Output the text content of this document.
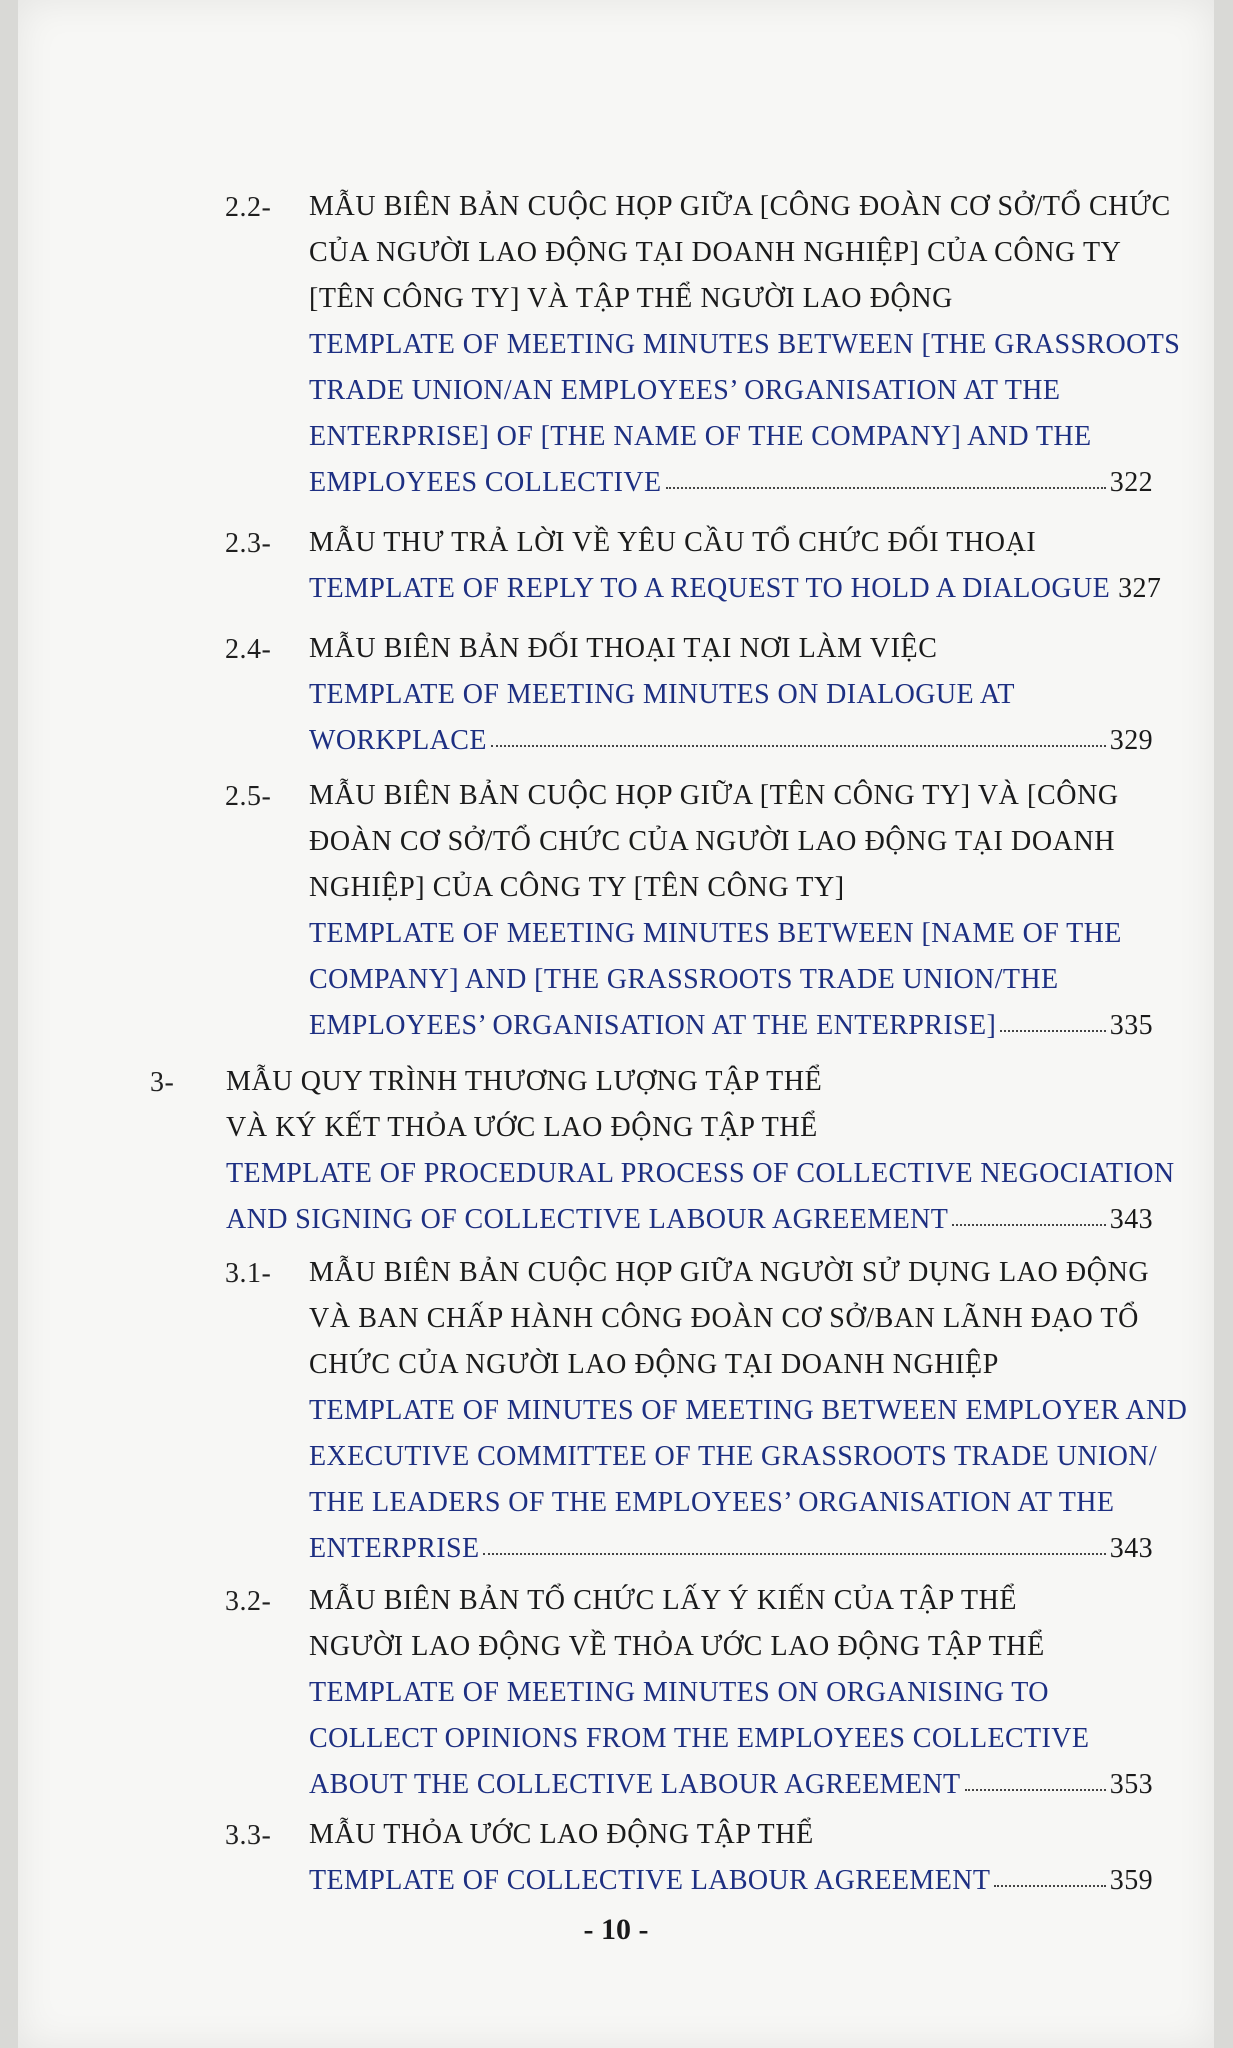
2.2- MẪU BIÊN BẢN CUỘC HỌP GIỮA [CÔNG ĐOÀN CƠ SỞ/TỔ CHỨC
CỦA NGƯỜI LAO ĐỘNG TẠI DOANH NGHIỆP] CỦA CÔNG TY
[TÊN CÔNG TY] VÀ TẬP THỂ NGƯỜI LAO ĐỘNG
TEMPLATE OF MEETING MINUTES BETWEEN [THE GRASSROOTS
TRADE UNION/AN EMPLOYEES’ ORGANISATION AT THE
ENTERPRISE] OF [THE NAME OF THE COMPANY] AND THE
EMPLOYEES COLLECTIVE	322
2.3- MẪU THƯ TRẢ LỜI VỀ YÊU CẦU TỔ CHỨC ĐỐI THOẠI
TEMPLATE OF REPLY TO A REQUEST TO HOLD A DIALOGUE 327
2.4- MẪU BIÊN BẢN ĐỐI THOẠI TẠI NƠI LÀM VIỆC
TEMPLATE OF MEETING MINUTES ON DIALOGUE AT
WORKPLACE	329
2.5- MẪU BIÊN BẢN CUỘC HỌP GIỮA [TÊN CÔNG TY] VÀ [CÔNG
ĐOÀN CƠ SỞ/TỔ CHỨC CỦA NGƯỜI LAO ĐỘNG TẠI DOANH
NGHIỆP] CỦA CÔNG TY [TÊN CÔNG TY]
TEMPLATE OF MEETING MINUTES BETWEEN [NAME OF THE
COMPANY] AND [THE GRASSROOTS TRADE UNION/THE
EMPLOYEES’ ORGANISATION AT THE ENTERPRISE]	335
3- MẪU QUY TRÌNH THƯƠNG LƯỢNG TẬP THỂ
VÀ KÝ KẾT THỎA ƯỚC LAO ĐỘNG TẬP THỂ
TEMPLATE OF PROCEDURAL PROCESS OF COLLECTIVE NEGOCIATION
AND SIGNING OF COLLECTIVE LABOUR AGREEMENT	343
3.1- MẪU BIÊN BẢN CUỘC HỌP GIỮA NGƯỜI SỬ DỤNG LAO ĐỘNG
VÀ BAN CHẤP HÀNH CÔNG ĐOÀN CƠ SỞ/BAN LÃNH ĐẠO TỔ
CHỨC CỦA NGƯỜI LAO ĐỘNG TẠI DOANH NGHIỆP
TEMPLATE OF MINUTES OF MEETING BETWEEN EMPLOYER AND
EXECUTIVE COMMITTEE OF THE GRASSROOTS TRADE UNION/
THE LEADERS OF THE EMPLOYEES’ ORGANISATION AT THE
ENTERPRISE	343
3.2- MẪU BIÊN BẢN TỔ CHỨC LẤY Ý KIẾN CỦA TẬP THỂ
NGƯỜI LAO ĐỘNG VỀ THỎA ƯỚC LAO ĐỘNG TẬP THỂ
TEMPLATE OF MEETING MINUTES ON ORGANISING TO
COLLECT OPINIONS FROM THE EMPLOYEES COLLECTIVE
ABOUT THE COLLECTIVE LABOUR AGREEMENT	353
3.3- MẪU THỎA ƯỚC LAO ĐỘNG TẬP THỂ
TEMPLATE OF COLLECTIVE LABOUR AGREEMENT	359
- 10 -
